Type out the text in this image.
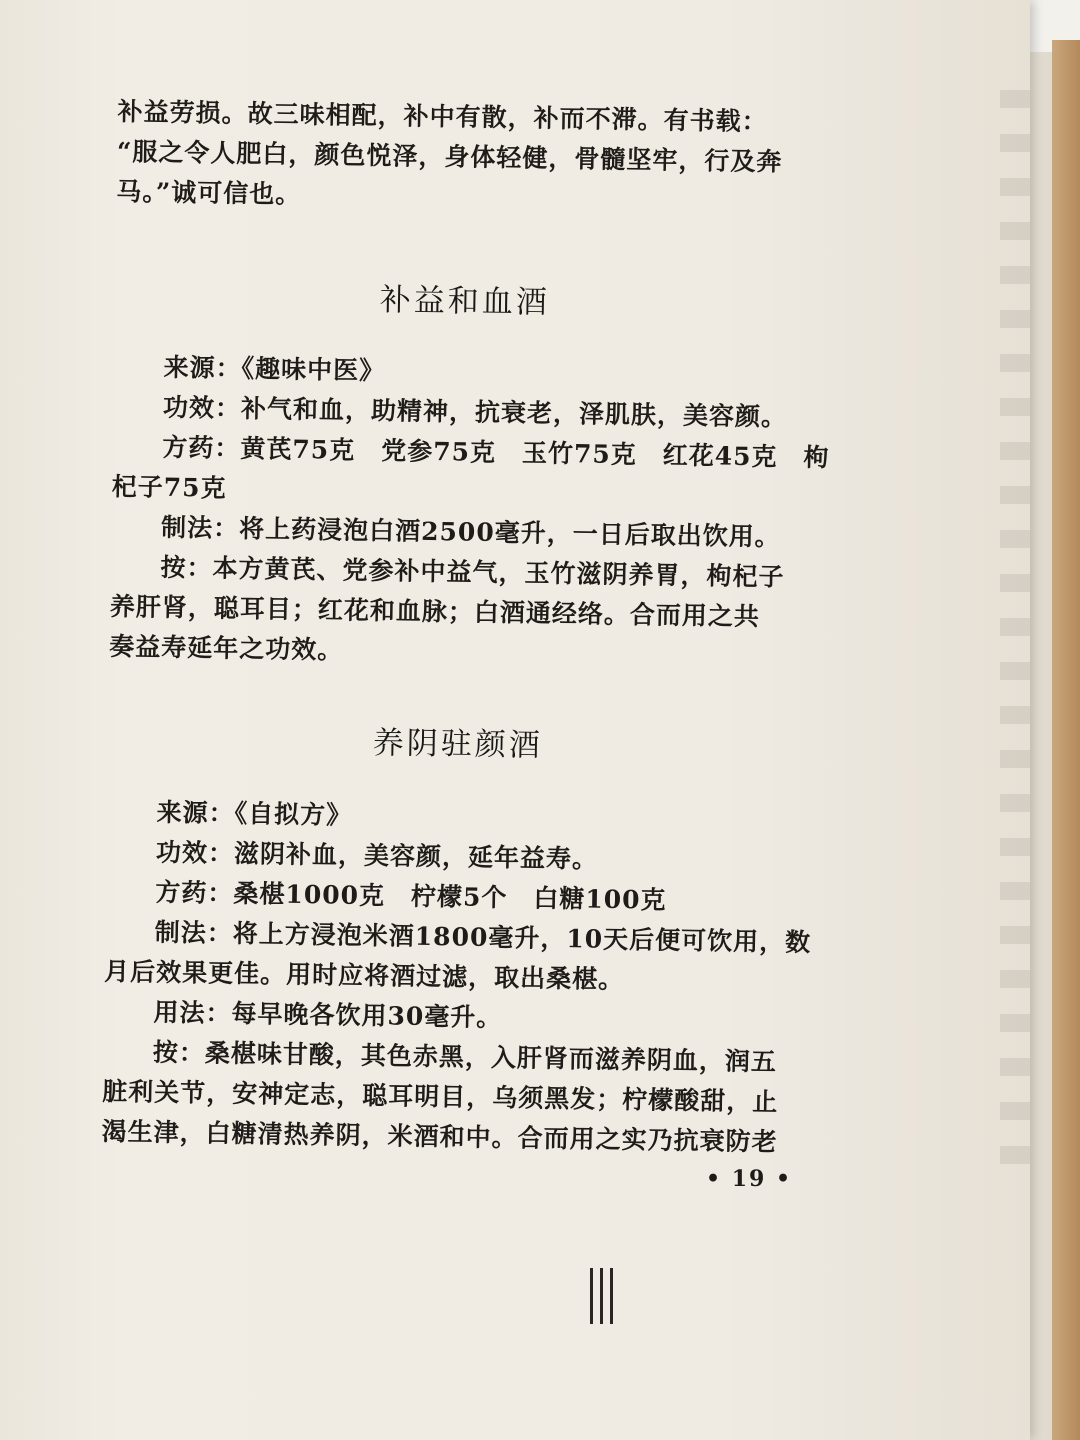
补益劳损。故三味相配，补中有散，补而不滞。有书载：

“服之令人肥白，颜色悦泽，身体轻健，骨髓坚牢，行及奔

马。”诚可信也。

补益和血酒

来源：《趣味中医》

功效：补气和血，助精神，抗衰老，泽肌肤，美容颜。

方药：黄芪75克　党参75克　玉竹75克　红花45克　枸

杞子75克

制法：将上药浸泡白酒2500毫升，一日后取出饮用。

按：本方黄芪、党参补中益气，玉竹滋阴养胃，枸杞子

养肝肾，聪耳目；红花和血脉；白酒通经络。合而用之共

奏益寿延年之功效。

养阴驻颜酒

来源：《自拟方》

功效：滋阴补血，美容颜，延年益寿。

方药：桑椹1000克　柠檬5个　白糖100克

制法：将上方浸泡米酒1800毫升，10天后便可饮用，数

月后效果更佳。用时应将酒过滤，取出桑椹。

用法：每早晚各饮用30毫升。

按：桑椹味甘酸，其色赤黑，入肝肾而滋养阴血，润五

脏利关节，安神定志，聪耳明目，乌须黑发；柠檬酸甜，止

渴生津，白糖清热养阴，米酒和中。合而用之实乃抗衰防老

• 19 •
